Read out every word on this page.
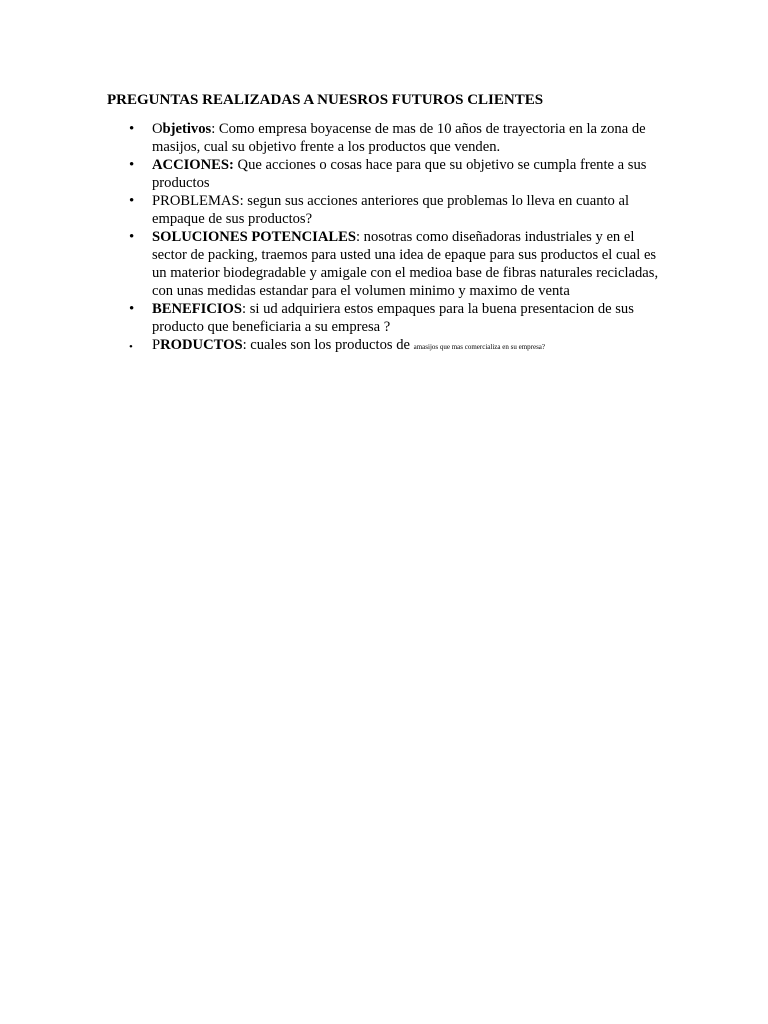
PREGUNTAS REALIZADAS A NUESROS FUTUROS CLIENTES
• Objetivos: Como empresa boyacense de mas de 10 años de trayectoria en la zona de masijos, cual su objetivo frente a los productos que venden.
• ACCIONES: Que acciones o cosas hace para que su objetivo se cumpla frente a sus productos
• PROBLEMAS: segun sus acciones anteriores que problemas lo lleva en cuanto al empaque de sus productos?
• SOLUCIONES POTENCIALES: nosotras como diseñadoras industriales y en el sector de packing, traemos para usted una idea de epaque para sus productos el cual es un materior biodegradable y amigale con el medioa base de fibras naturales recicladas, con unas medidas estandar para el volumen minimo y maximo de venta
• BENEFICIOS: si ud adquiriera estos empaques para la buena presentacion de sus producto que beneficiaria a su empresa ?
• PRODUCTOS: cuales son los productos de amasijos que mas comercializa en su empresa?
